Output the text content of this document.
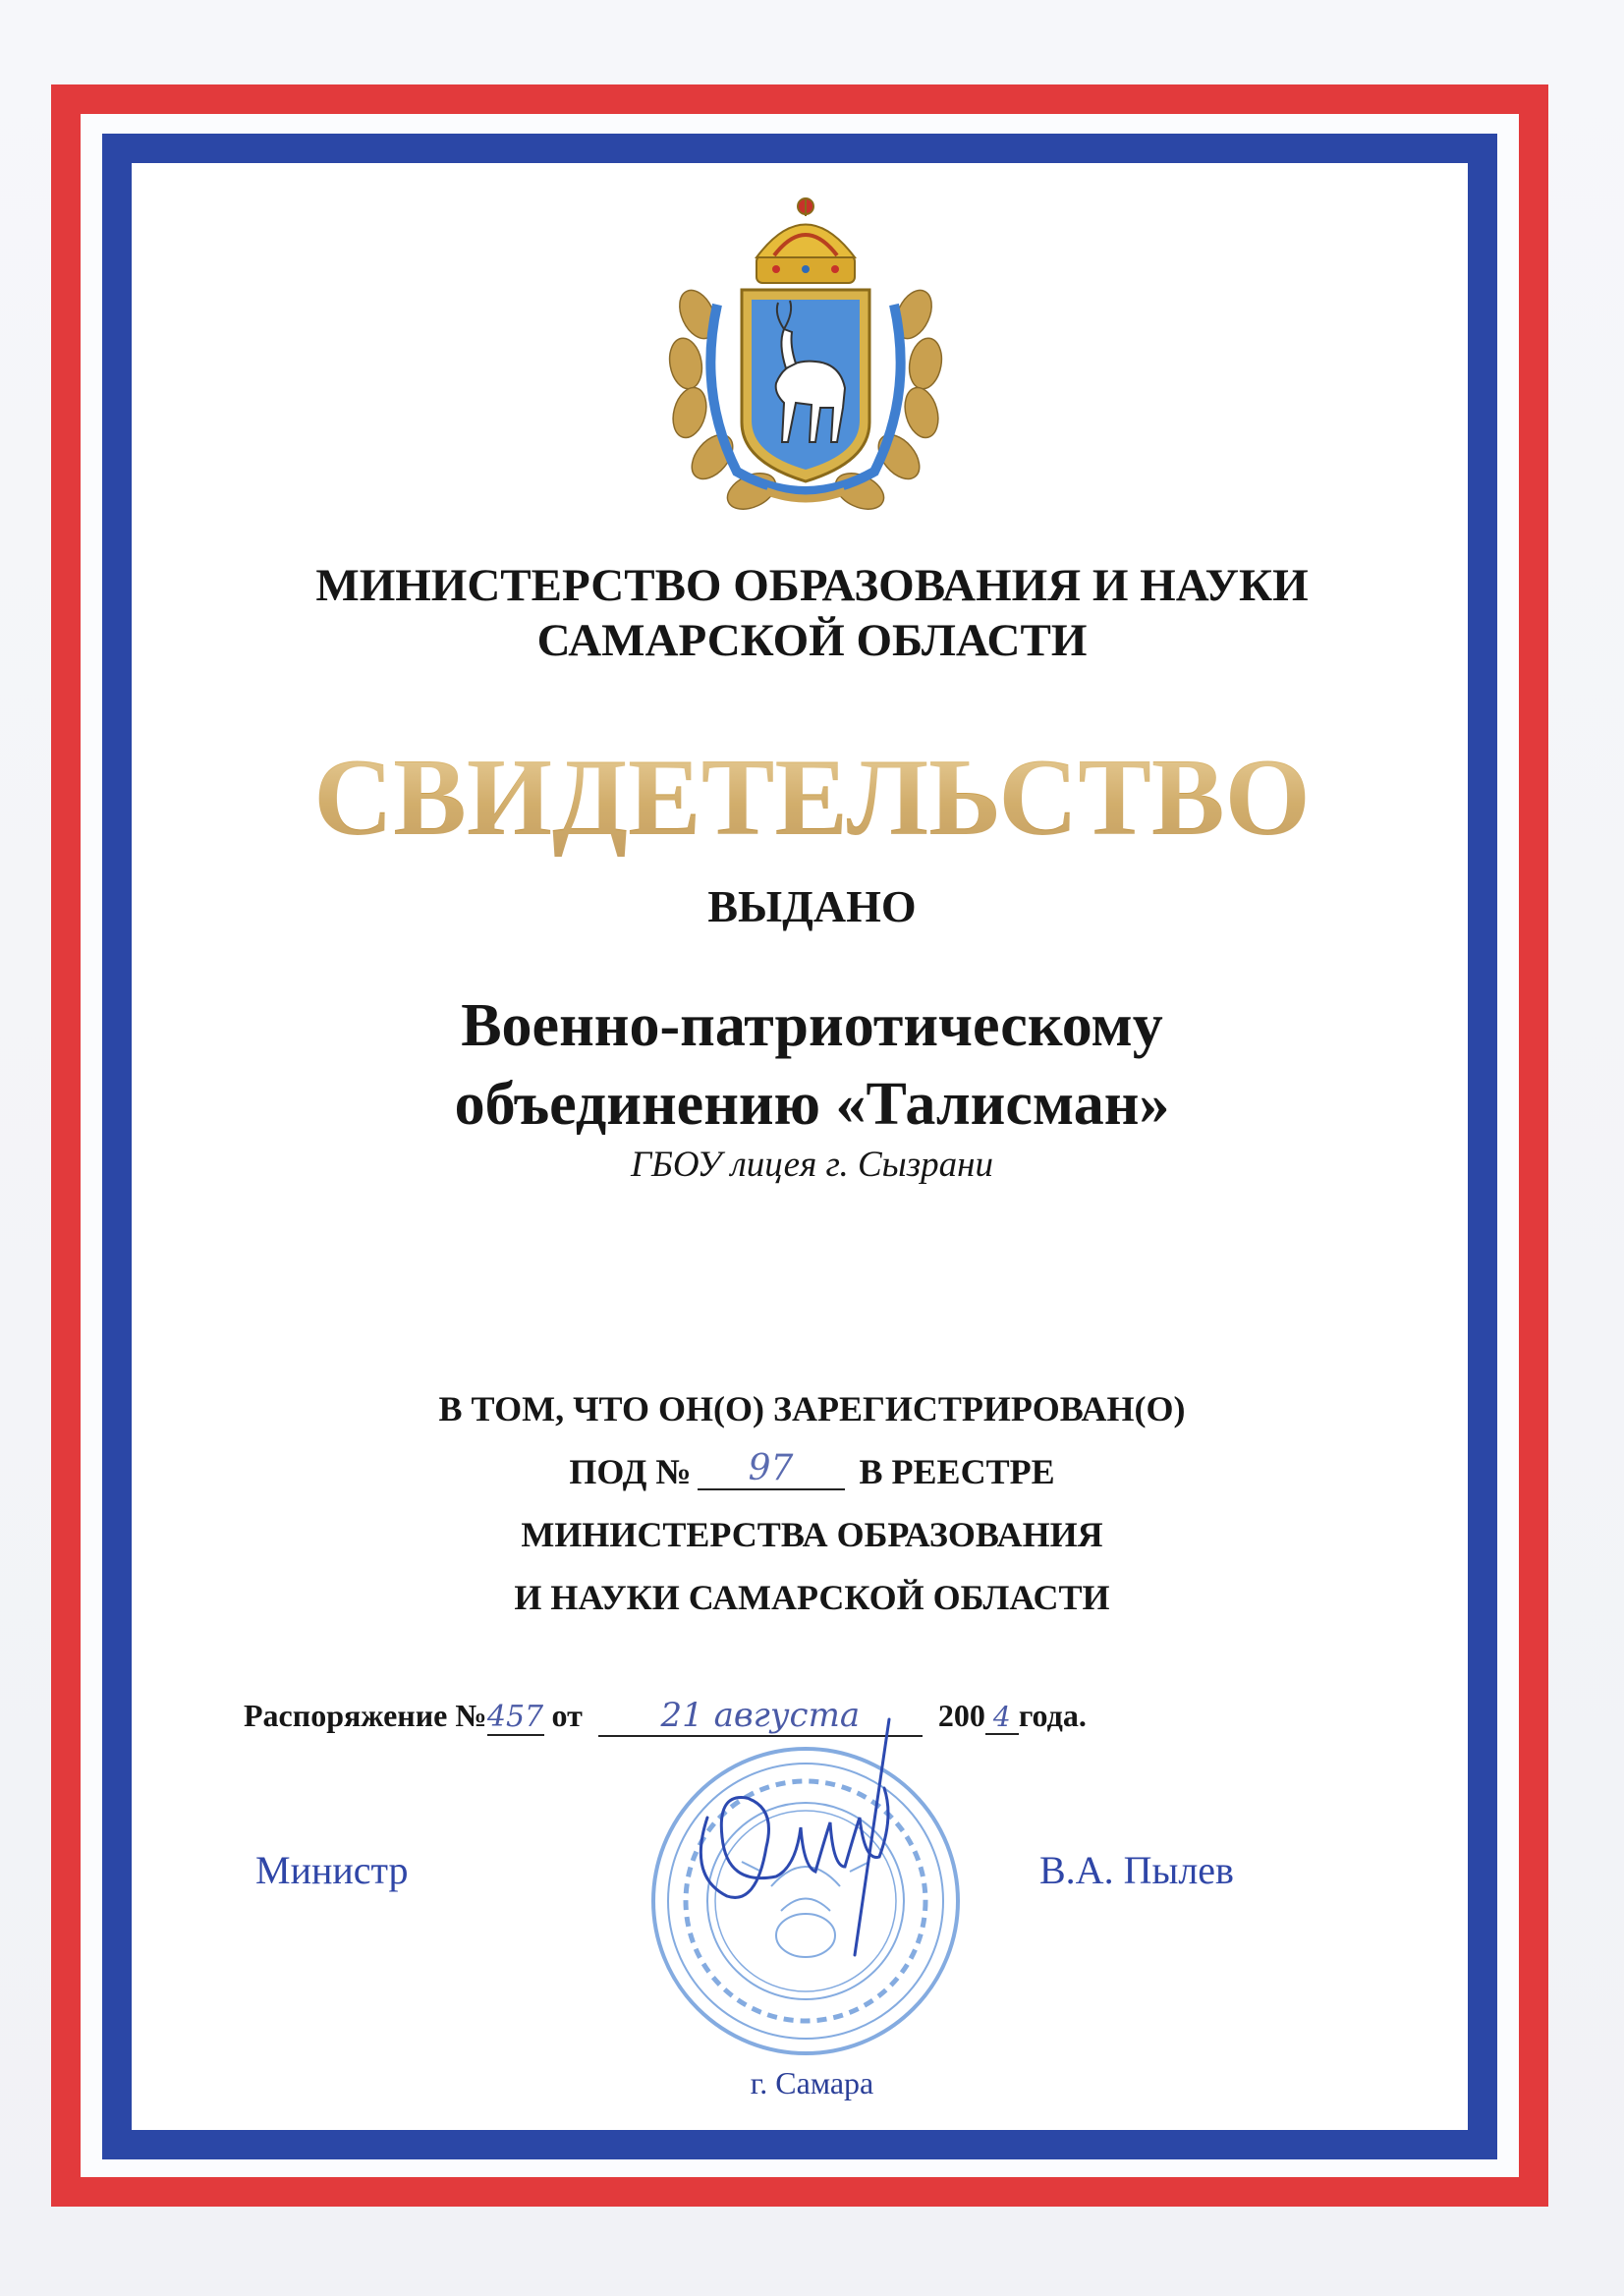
МИНИСТЕРСТВО ОБРАЗОВАНИЯ И НАУКИ
САМАРСКОЙ ОБЛАСТИ
СВИДЕТЕЛЬСТВО
ВЫДАНО
Военно-патриотическому
объединению «Талисман»
ГБОУ лицея г. Сызрани
В ТОМ, ЧТО ОН(О) ЗАРЕГИСТРИРОВАН(О)
ПОД № 97 В РЕЕСТРЕ
МИНИСТЕРСТВА ОБРАЗОВАНИЯ
И НАУКИ САМАРСКОЙ ОБЛАСТИ
Распоряжение №457 от 21 августа 200 4 года.
Министр	В.А. Пылев
г. Самара
